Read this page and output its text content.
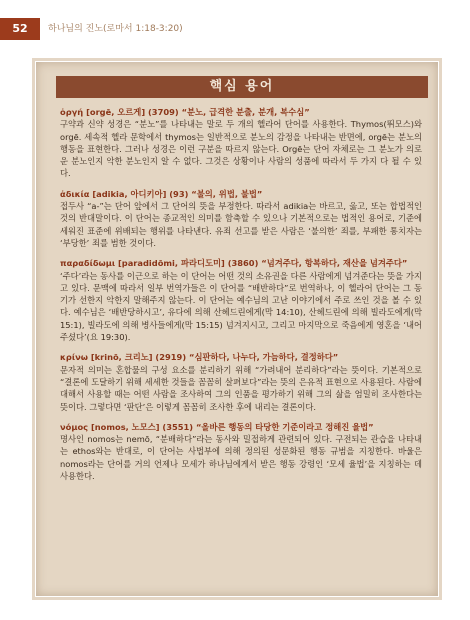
52	하나님의 진노(로마서 1:18-3:20)
핵심 용어
ὀργή [orgē, 오르게] (3709) “분노, 급격한 분출, 분개, 복수심”
구약과 신약 성경은 “분노”를 나타내는 말로 두 개의 헬라어 단어를 사용한다. Thymos(뛰모스)와 orgē. 세속적 헬라 문학에서 thymos는 일반적으로 분노의 감정을 나타내는 반면에, orgē는 분노의 행동을 표현한다. 그러나 성경은 이런 구분을 따르지 않는다. Orgē는 단어 자체로는 그 분노가 의로운 분노인지 악한 분노인지 알 수 없다. 그것은 상황이나 사람의 성품에 따라서 두 가지 다 될 수 있다.
ἀδικία [adikia, 아디키아] (93) “불의, 위법, 불법”
접두사 “a-”는 단어 앞에서 그 단어의 뜻을 부정한다. 따라서 adikia는 바르고, 옳고, 또는 합법적인 것의 반대말이다. 이 단어는 종교적인 의미를 함축할 수 있으나 기본적으로는 법적인 용어로, 기준에 세워진 표준에 위배되는 행위를 나타낸다. 유죄 선고를 받은 사람은 ‘불의한’ 죄를, 부패한 통치자는 ‘부당한’ 죄를 범한 것이다.
παραδίδωμι [paradidōmi, 파라디도미] (3860) “넘겨주다, 항복하다, 재산을 넘겨주다”
‘주다’라는 동사를 이근으로 하는 이 단어는 어떤 것의 소유권을 다른 사람에게 넘겨준다는 뜻을 가지고 있다. 문맥에 따라서 일부 번역가들은 이 단어를 “배반하다”로 번역하나, 이 헬라어 단어는 그 동기가 선한지 악한지 말해주지 않는다. 이 단어는 예수님의 고난 이야기에서 주로 쓰인 것을 볼 수 있다. 예수님은 ‘배반당하시고’, 유다에 의해 산헤드린에게(막 14:10), 산헤드린에 의해 빌라도에게(막 15:1), 빌라도에 의해 병사들에게(막 15:15) 넘겨지시고, 그리고 마지막으로 죽음에게 영혼을 ‘내어주셨다’(요 19:30).
κρίνω [krinō, 크리노] (2919) “심판하다, 나누다, 가늠하다, 결정하다”
문자적 의미는 혼합물의 구성 요소를 분리하기 위해 “가려내어 분리하다”라는 뜻이다. 기본적으로 “결론에 도달하기 위해 세세한 것들을 꼼꼼히 살펴보다”라는 뜻의 은유적 표현으로 사용된다. 사람에 대해서 사용할 때는 어떤 사람을 조사하여 그의 인품을 평가하기 위해 그의 삶을 엄밀히 조사한다는 뜻이다. 그렇다면 ‘판단’은 이렇게 꼼꼼히 조사한 후에 내리는 결론이다.
νόμος [nomos, 노모스] (3551) “올바른 행동의 타당한 기준이라고 정해진 율법”
명사인 nomos는 nemō, “분배하다”라는 동사와 밀접하게 관련되어 있다. 구전되는 관습을 나타내는 ethos와는 반대로, 이 단어는 사법부에 의해 정의된 성문화된 행동 규범을 지칭한다. 바울은 nomos라는 단어를 거의 언제나 모세가 하나님에게서 받은 행동 강령인 ‘모세 율법’을 지칭하는 데 사용한다.
